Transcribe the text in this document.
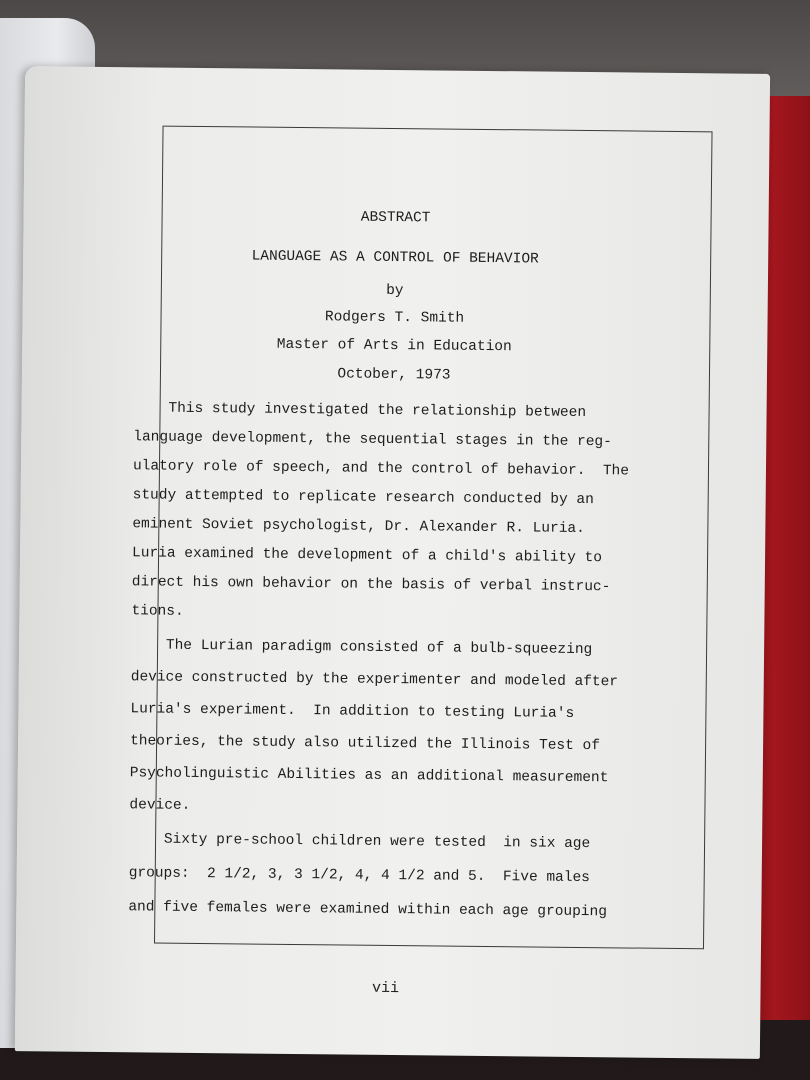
ABSTRACT
LANGUAGE AS A CONTROL OF BEHAVIOR
by
Rodgers T. Smith
Master of Arts in Education
October, 1973
This study investigated the relationship between
language development, the sequential stages in the reg-
ulatory role of speech, and the control of behavior.  The
study attempted to replicate research conducted by an
eminent Soviet psychologist, Dr. Alexander R. Luria.
Luria examined the development of a child's ability to
direct his own behavior on the basis of verbal instruc-
tions.
The Lurian paradigm consisted of a bulb-squeezing
device constructed by the experimenter and modeled after
Luria's experiment.  In addition to testing Luria's
theories, the study also utilized the Illinois Test of
Psycholinguistic Abilities as an additional measurement
device.
Sixty pre-school children were tested  in six age
groups:  2 1/2, 3, 3 1/2, 4, 4 1/2 and 5.  Five males
and five females were examined within each age grouping
vii
